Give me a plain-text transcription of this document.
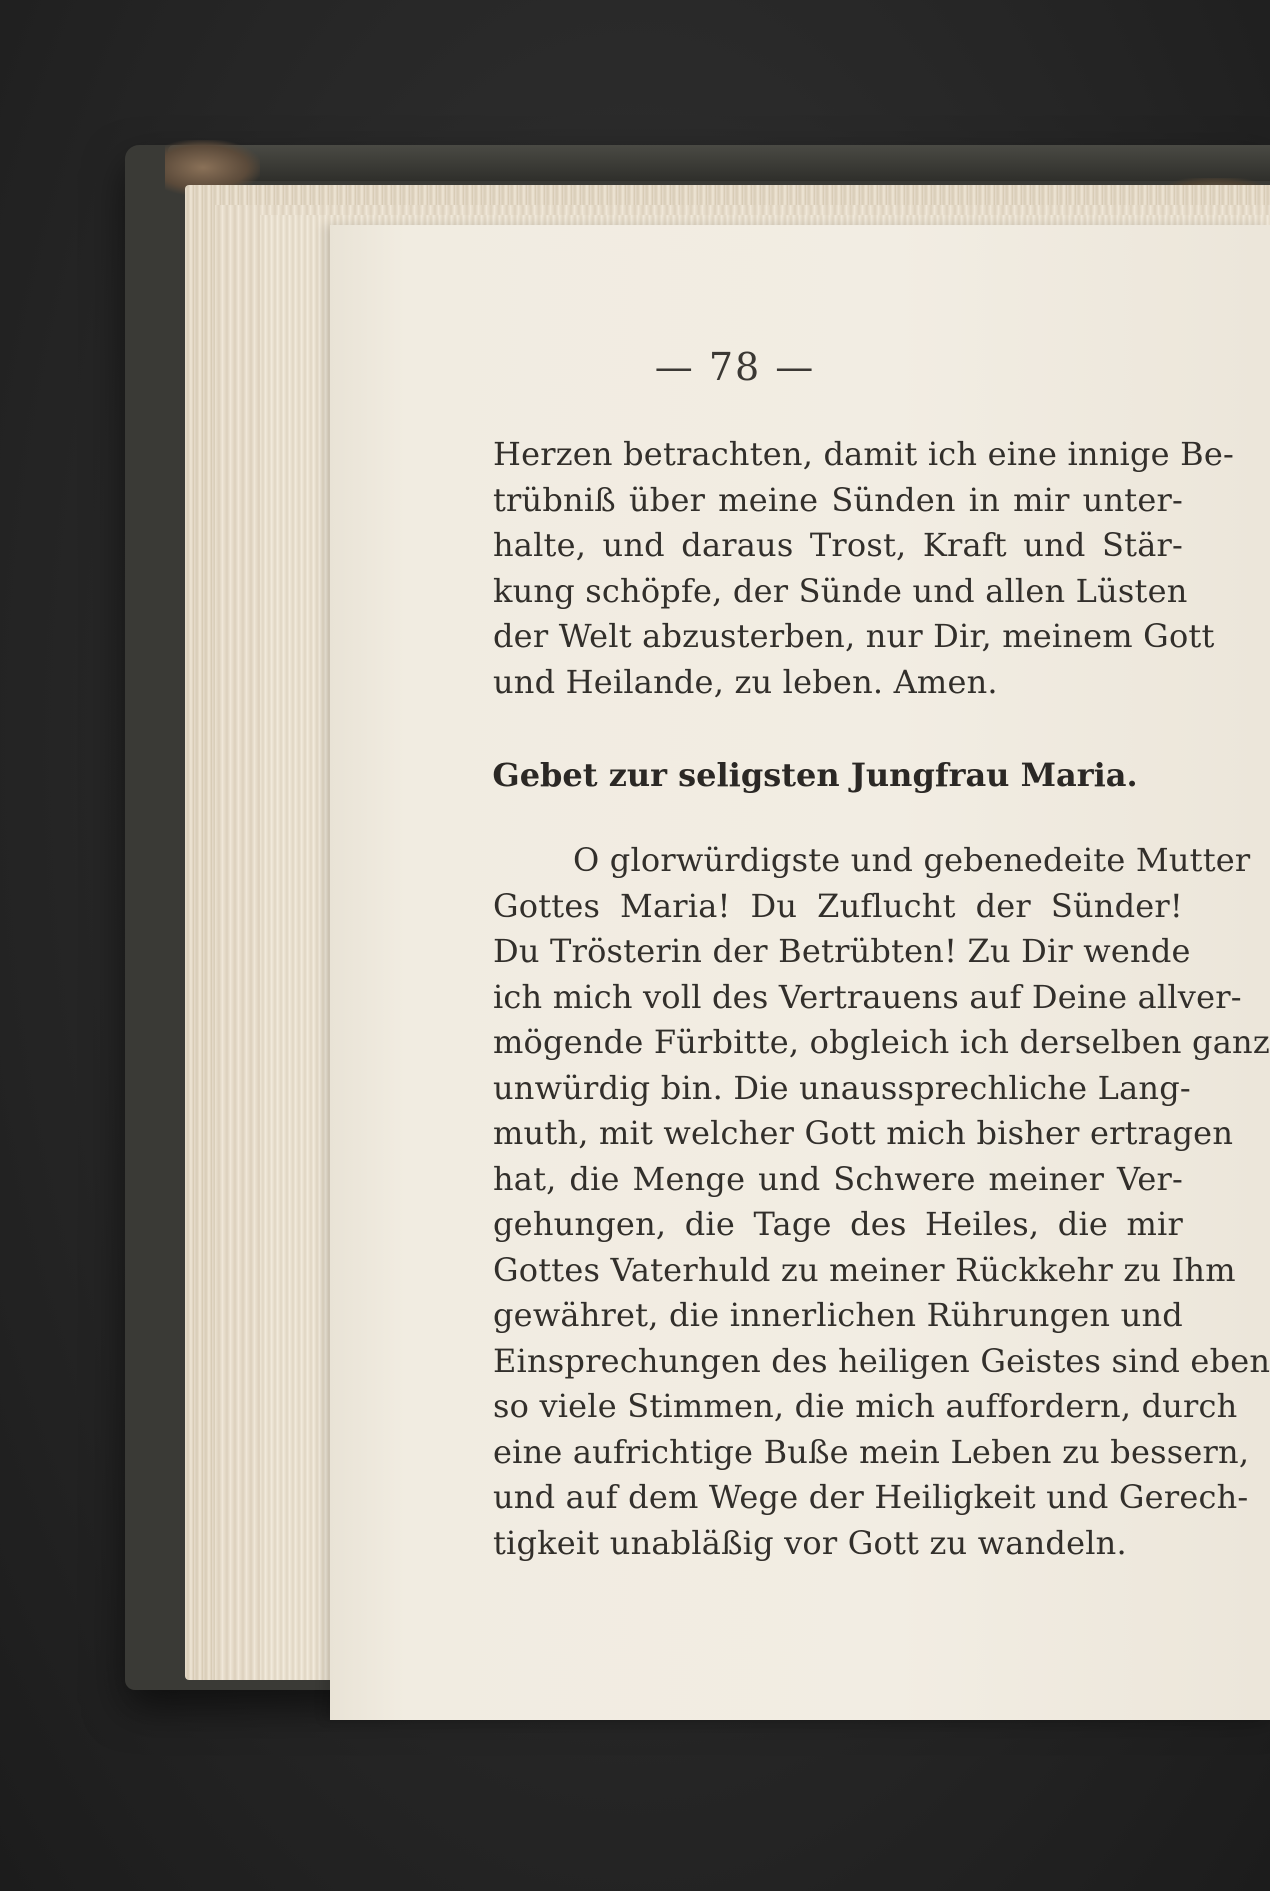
— 78 —
Herzen betrachten, damit ich eine innige Be-
trübniß über meine Sünden in mir unter-
halte, und daraus Trost, Kraft und Stär-
kung schöpfe, der Sünde und allen Lüsten
der Welt abzusterben, nur Dir, meinem Gott
und Heilande, zu leben. Amen.
Gebet zur seligsten Jungfrau Maria.
O glorwürdigste und gebenedeite Mutter
Gottes Maria! Du Zuflucht der Sünder!
Du Trösterin der Betrübten! Zu Dir wende
ich mich voll des Vertrauens auf Deine allver-
mögende Fürbitte, obgleich ich derselben ganz
unwürdig bin. Die unaussprechliche Lang-
muth, mit welcher Gott mich bisher ertragen
hat, die Menge und Schwere meiner Ver-
gehungen, die Tage des Heiles, die mir
Gottes Vaterhuld zu meiner Rückkehr zu Ihm
gewähret, die innerlichen Rührungen und
Einsprechungen des heiligen Geistes sind eben
so viele Stimmen, die mich auffordern, durch
eine aufrichtige Buße mein Leben zu bessern,
und auf dem Wege der Heiligkeit und Gerech-
tigkeit unabläßig vor Gott zu wandeln.
